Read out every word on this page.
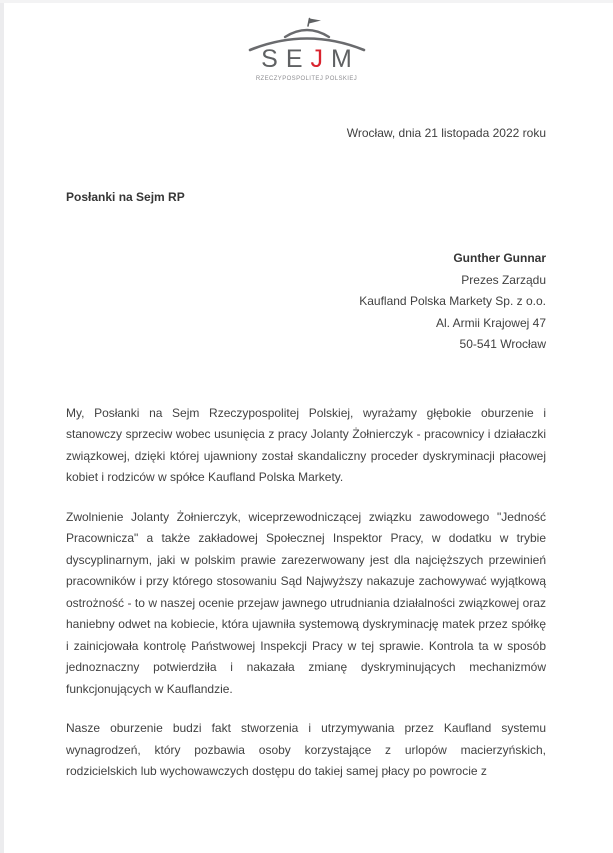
SEJM
RZECZYPOSPOLITEJ POLSKIEJ
Wrocław, dnia 21 listopada 2022 roku
Posłanki na Sejm RP
Gunther Gunnar
Prezes Zarządu
Kaufland Polska Markety Sp. z o.o.
Al. Armii Krajowej 47
50-541 Wrocław

My, Posłanki na Sejm Rzeczypospolitej Polskiej, wyrażamy głębokie oburzenie i stanowczy sprzeciw wobec usunięcia z pracy Jolanty Żołnierczyk - pracownicy i działaczki związkowej, dzięki której ujawniony został skandaliczny proceder dyskryminacji płacowej kobiet i rodziców w spółce Kaufland Polska Markety.

Zwolnienie Jolanty Żołnierczyk, wiceprzewodniczącej związku zawodowego "Jedność Pracownicza" a także zakładowej Społecznej Inspektor Pracy, w dodatku w trybie dyscyplinarnym, jaki w polskim prawie zarezerwowany jest dla najcięższych przewinień pracowników i przy którego stosowaniu Sąd Najwyższy nakazuje zachowywać wyjątkową ostrożność - to w naszej ocenie przejaw jawnego utrudniania działalności związkowej oraz haniebny odwet na kobiecie, która ujawniła systemową dyskryminację matek przez spółkę i zainicjowała kontrolę Państwowej Inspekcji Pracy w tej sprawie. Kontrola ta w sposób jednoznaczny potwierdziła i nakazała zmianę dyskryminujących mechanizmów funkcjonujących w Kauflandzie.

Nasze oburzenie budzi fakt stworzenia i utrzymywania przez Kaufland systemu wynagrodzeń, który pozbawia osoby korzystające z urlopów macierzyńskich, rodzicielskich lub wychowawczych dostępu do takiej samej płacy po powrocie z
